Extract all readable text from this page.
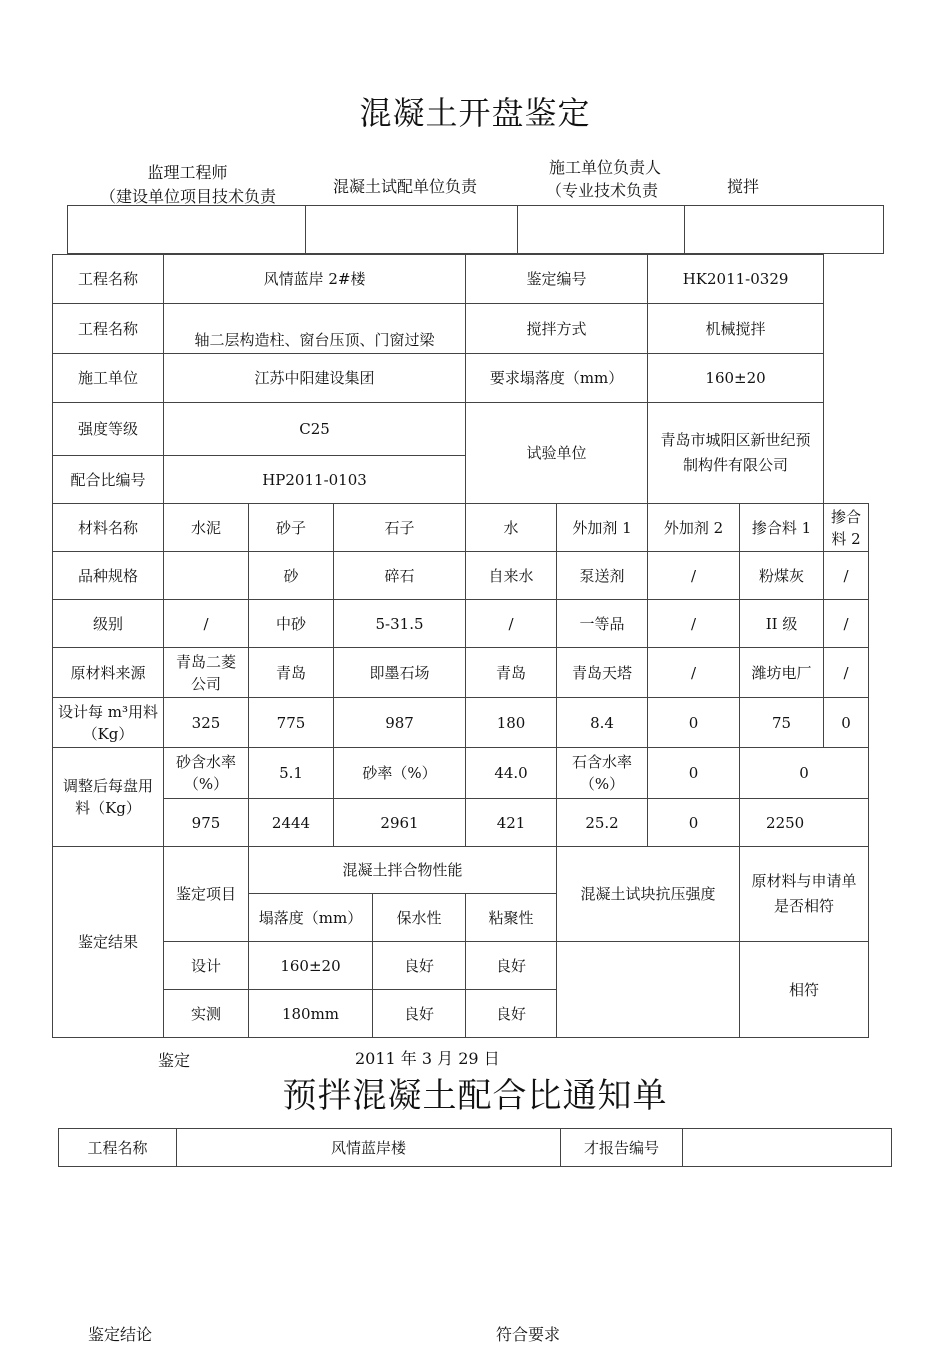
混凝土开盘鉴定
监理工程师
（建设单位项目技术负责
混凝土试配单位负责
施工单位负责人
（专业技术负责	搅拌

工程名称	风情蓝岸 2#楼				鉴定编号		HK2011-0329		
工程名称	轴二层构造柱、窗台压顶、门窗过梁				搅拌方式		机械搅拌		
施工单位	江苏中阳建设集团				要求塌落度（mm）		160±20		
强度等级	C25				试验单位		青岛市城阳区新世纪预制构件有限公司		
配合比编号	HP2011-0103								
材料名称	水泥	砂子	石子		水	外加剂 1	外加剂 2	掺合料 1	掺合料 2
品种规格		砂	碎石		自来水	泵送剂	/	粉煤灰	/
级别	/	中砂	5-31.5		/	一等品	/	II 级	/
原材料来源	青岛二菱公司	青岛	即墨石场		青岛	青岛天塔	/	潍坊电厂	/
设计每 m³用料（Kg）	325	775	987		180	8.4	0	75	0
调整后每盘用料（Kg）	砂含水率（%）	5.1	砂率（%）		44.0	石含水率（%）	0	0	
	975	2444	2961		421	25.2	0	2250	
鉴定结果	鉴定项目	混凝土拌合物性能				混凝土试块抗压强度		原材料与申请单是否相符	
		塌落度（mm）		保水性	粘聚性				
	设计	160±20		良好	良好			相符	
	实测	180mm		良好	良好				
鉴定	2011 年 3 月 29 日
预拌混凝土配合比通知单
工程名称	风情蓝岸楼	才报告编号	
鉴定结论	符合要求
